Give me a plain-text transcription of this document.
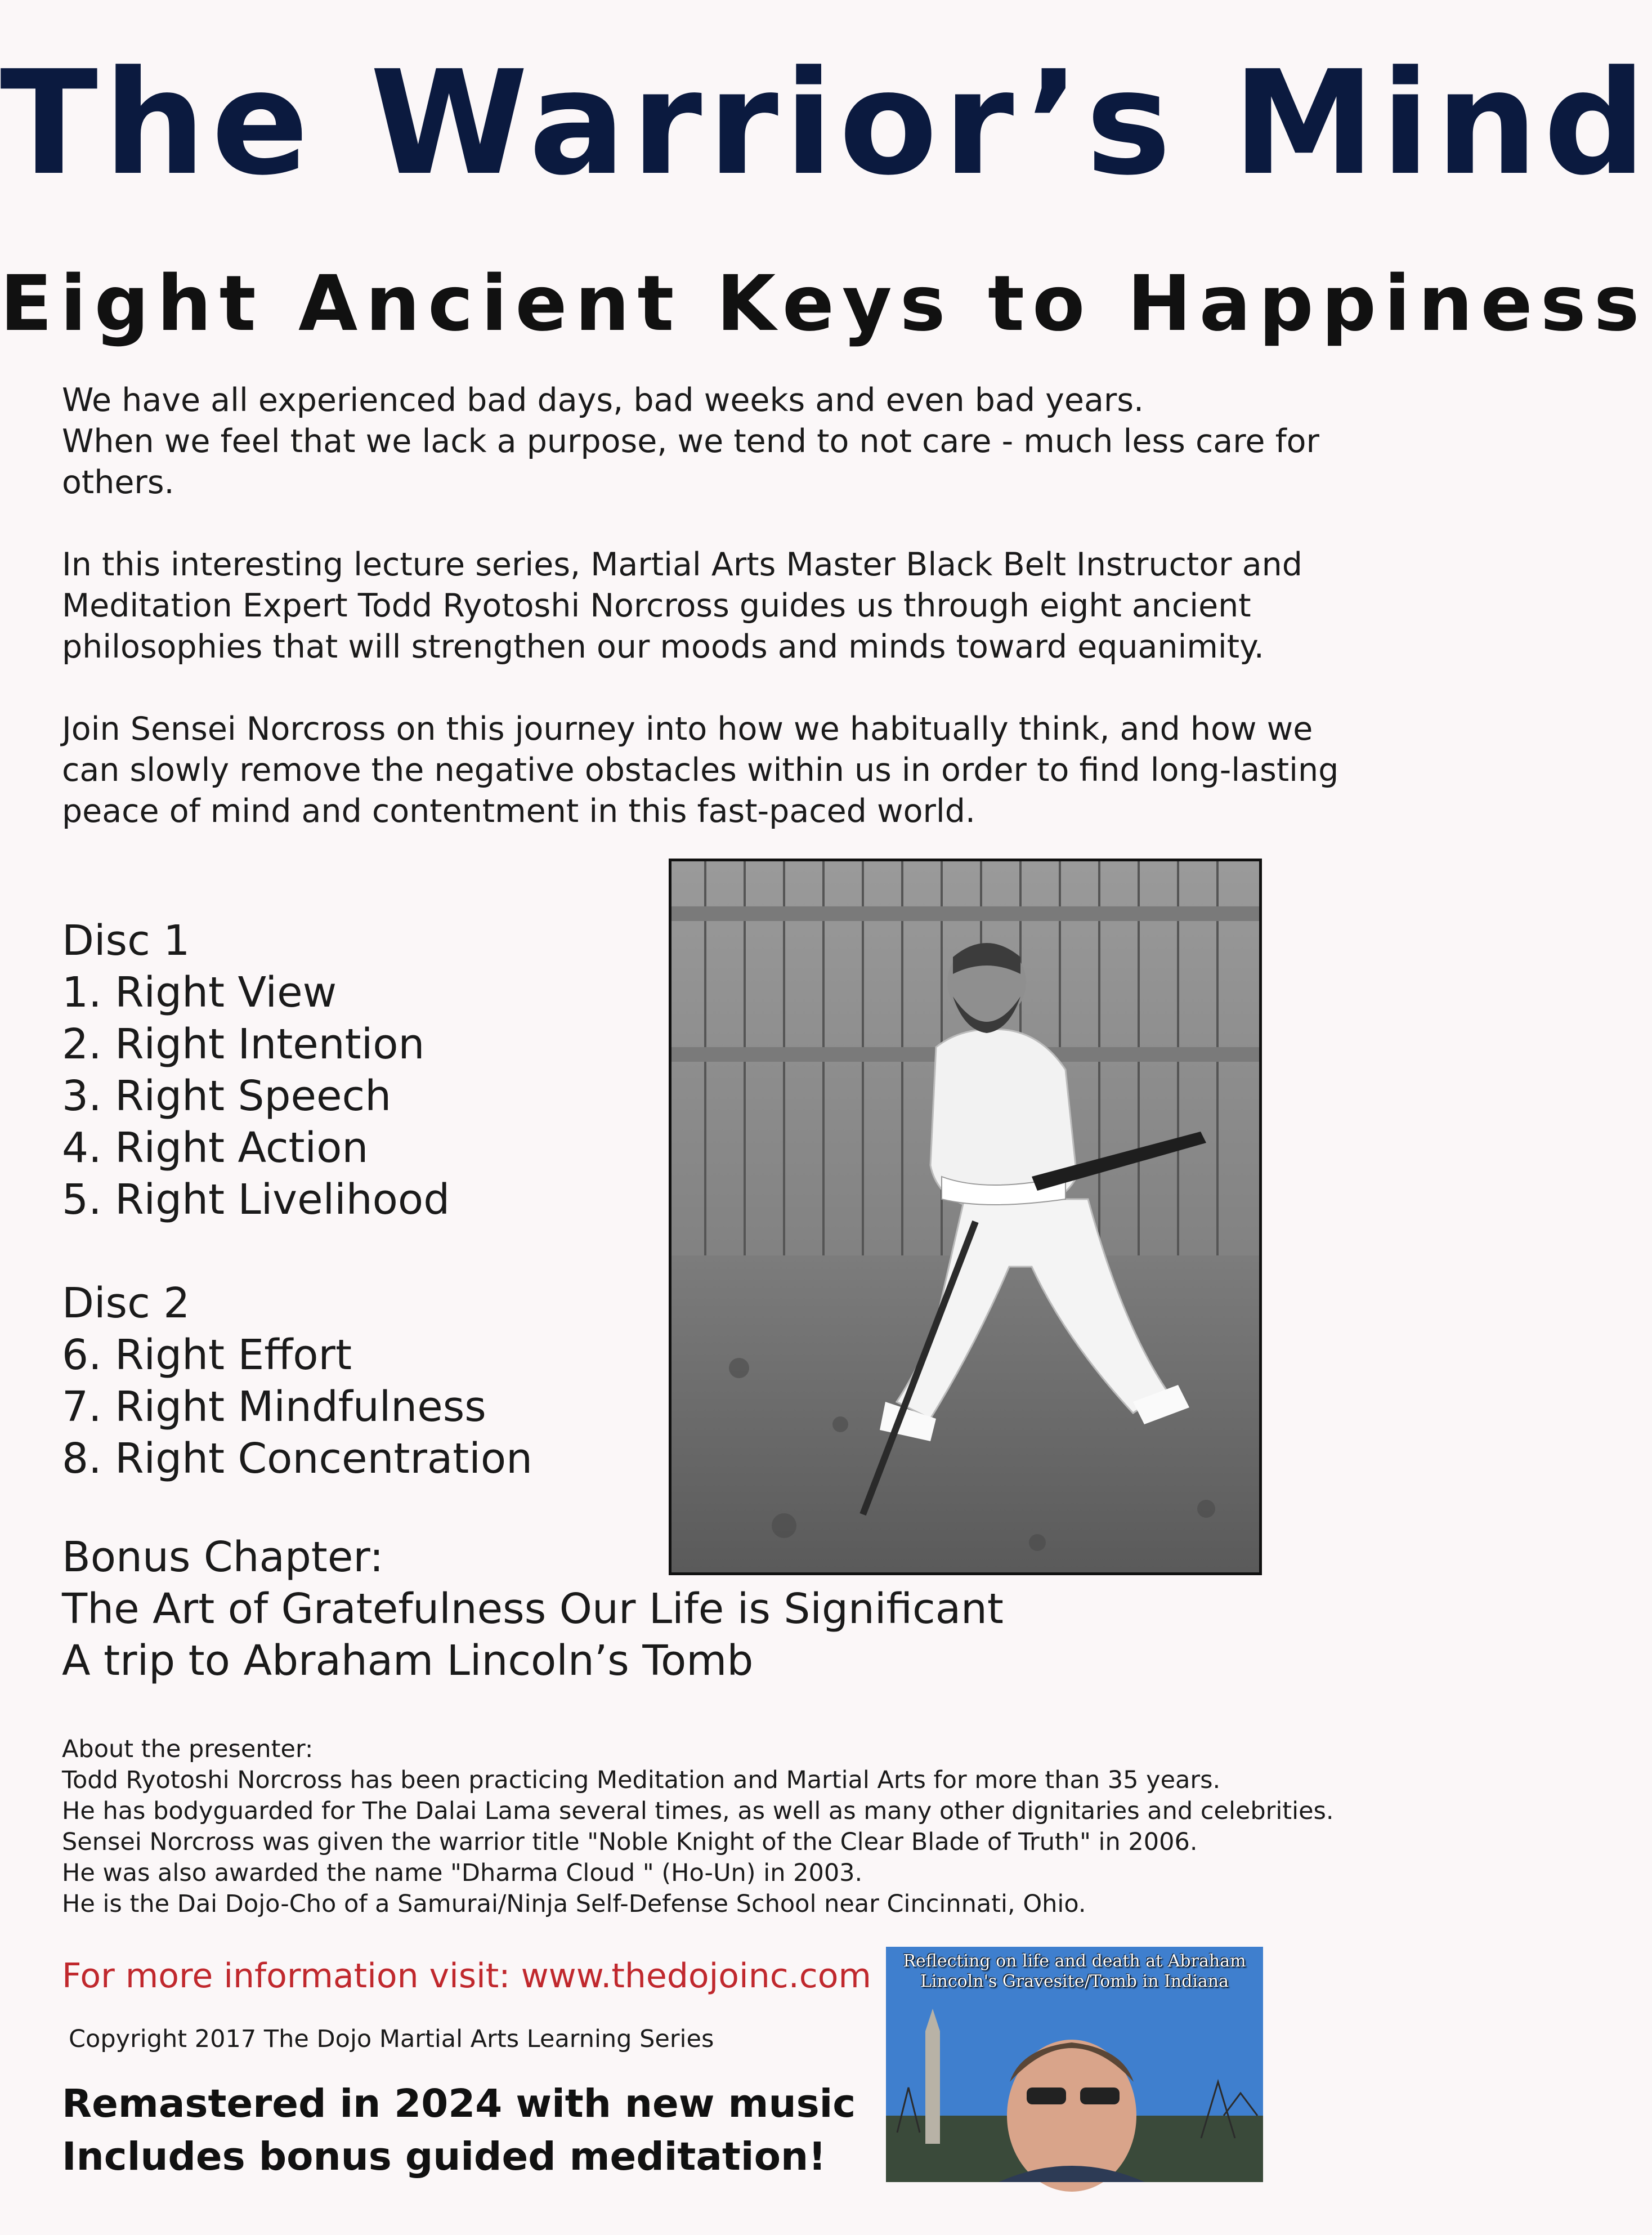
The Warrior’s Mind
Eight Ancient Keys to Happiness

We have all experienced bad days, bad weeks and even bad years.
When we feel that we lack a purpose, we tend to not care - much less care for others.

In this interesting lecture series, Martial Arts Master Black Belt Instructor and Meditation Expert Todd Ryotoshi Norcross guides us through eight ancient philosophies that will strengthen our moods and minds toward equanimity.

Join Sensei Norcross on this journey into how we habitually think, and how we can slowly remove the negative obstacles within us in order to find long-lasting peace of mind and contentment in this fast-paced world.

Disc 1
1. Right View
2. Right Intention
3. Right Speech
4. Right Action
5. Right Livelihood
Disc 2
6. Right Effort
7. Right Mindfulness
8. Right Concentration
Bonus Chapter:
The Art of Gratefulness Our Life is Significant
A trip to Abraham Lincoln’s Tomb
About the presenter:
Todd Ryotoshi Norcross has been practicing Meditation and Martial Arts for more than 35 years.
He has bodyguarded for The Dalai Lama several times, as well as many other dignitaries and celebrities.
Sensei Norcross was given the warrior title "Noble Knight of the Clear Blade of Truth" in 2006.
He was also awarded the name "Dharma Cloud " (Ho-Un) in 2003.
He is the Dai Dojo-Cho of a Samurai/Ninja Self-Defense School near Cincinnati, Ohio.
For more information visit: www.thedojoinc.com
Copyright 2017 The Dojo Martial Arts Learning Series
Remastered in 2024 with new music
Includes bonus guided meditation!
Reflecting on life and death at Abraham Lincoln's Gravesite/Tomb in Indiana
